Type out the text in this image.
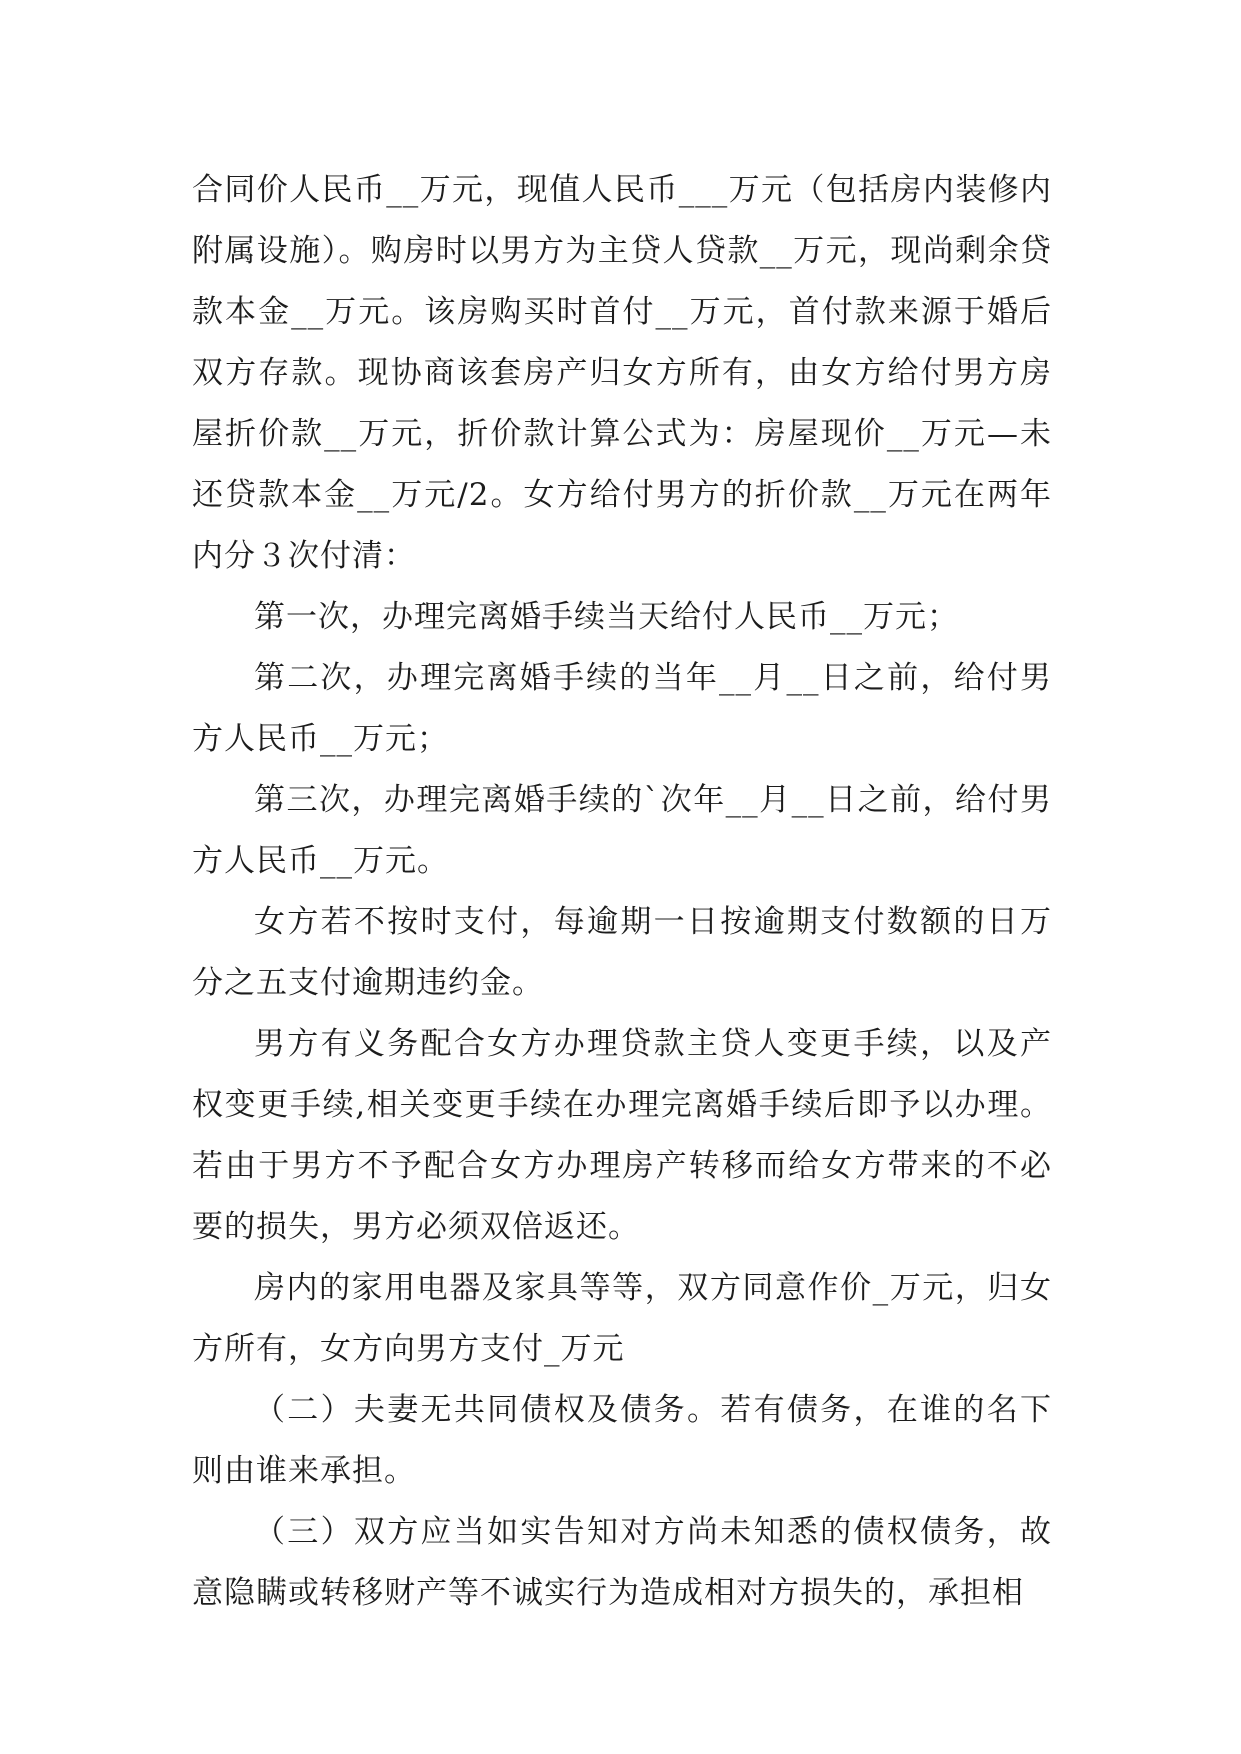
合同价人民币__万元，现值人民币___万元（包括房内装修内附属设施）。购房时以男方为主贷人贷款__万元，现尚剩余贷款本金__万元。该房购买时首付__万元，首付款来源于婚后双方存款。现协商该套房产归女方所有，由女方给付男方房屋折价款__万元，折价款计算公式为：房屋现价__万元—未还贷款本金__万元/2。女方给付男方的折价款__万元在两年内分３次付清：

第一次，办理完离婚手续当天给付人民币__万元；

第二次，办理完离婚手续的当年__月__日之前，给付男方人民币__万元；

第三次，办理完离婚手续的`次年__月__日之前，给付男方人民币__万元。

女方若不按时支付，每逾期一日按逾期支付数额的日万分之五支付逾期违约金。

男方有义务配合女方办理贷款主贷人变更手续，以及产权变更手续,相关变更手续在办理完离婚手续后即予以办理。若由于男方不予配合女方办理房产转移而给女方带来的不必要的损失，男方必须双倍返还。

房内的家用电器及家具等等，双方同意作价_万元，归女方所有，女方向男方支付_万元

（二）夫妻无共同债权及债务。若有债务，在谁的名下则由谁来承担。

（三）双方应当如实告知对方尚未知悉的债权债务，故意隐瞒或转移财产等不诚实行为造成相对方损失的，承担相
